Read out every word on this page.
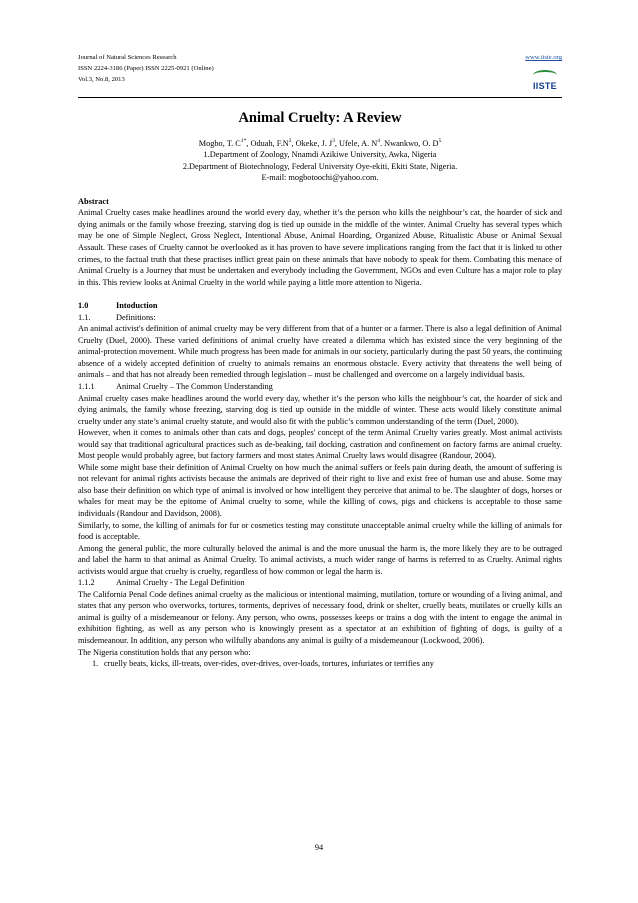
Journal of Natural Sciences Research
ISSN 2224-3186 (Paper) ISSN 2225-0921 (Online)
Vol.3, No.8, 2013
www.iiste.org
IISTE
Animal Cruelty: A Review
Mogbo, T. $C^{1*}$, Oduah, $F.N^2$, Okeke, J. $J^3$, Ufele, A. $N^4$. Nwankwo, O. $D^5$
1.Department of Zoology, Nnamdi Azikiwe University, Awka, Nigeria
2.Department of Biotechnology, Federal University Oye-ekiti, Ekiti State, Nigeria.
E-mail: mogbotoochi@yahoo.com.

Abstract

Animal Cruelty cases make headlines around the world every day, whether it’s the person who kills the neighbour’s cat, the hoarder of sick and dying animals or the family whose freezing, starving dog is tied up outside in the middle of the winter. Animal Cruelty has several types which may be one of Simple Neglect, Gross Neglect, Intentional Abuse, Animal Hoarding, Organized Abuse, Ritualistic Abuse or Animal Sexual Assault. These cases of Cruelty cannot be overlooked as it has proven to have severe implications ranging from the fact that it is linked to other crimes, to the factual truth that these practises inflict great pain on these animals that have nobody to speak for them. Combating this menace of Animal Cruelty is a Journey that must be undertaken and everybody including the Government, NGOs and even Culture has a major role to play in this. This review looks at Animal Cruelty in the world while paying a little more attention to Nigeria.

1.0	Intoduction

1.1.	Definitions:

An animal activist's definition of animal cruelty may be very different from that of a hunter or a farmer. There is also a legal definition of Animal Cruelty (Duel, 2000). These varied definitions of animal cruelty have created a dilemma which has existed since the very beginning of the animal-protection movement. While much progress has been made for animals in our society, particularly during the past 50 years, the continuing absence of a widely accepted definition of cruelty to animals remains an enormous obstacle. Every activity that threatens the well being of animals – and that has not already been remedied through legislation – must be challenged and overcome on a largely individual basis.

1.1.1	Animal Cruelty – The Common Understanding

Animal cruelty cases make headlines around the world every day, whether it’s the person who kills the neighbour’s cat, the hoarder of sick and dying animals, the family whose freezing, starving dog is tied up outside in the middle of winter. These acts would likely constitute animal cruelty under any state’s animal cruelty statute, and would also fit with the public’s common understanding of the term (Duel, 2000).

However, when it comes to animals other than cats and dogs, peoples' concept of the term Animal Cruelty varies greatly. Most animal activists would say that traditional agricultural practices such as de-beaking, tail docking, castration and confinement on factory farms are animal cruelty. Most people would probably agree, but factory farmers and most states Animal Cruelty laws would disagree (Randour, 2004).

While some might base their definition of Animal Cruelty on how much the animal suffers or feels pain during death, the amount of suffering is not relevant for animal rights activists because the animals are deprived of their right to live and exist free of human use and abuse. Some may also base their definition on which type of animal is involved or how intelligent they perceive that animal to be. The slaughter of dogs, horses or whales for meat may be the epitome of Animal cruelty to some, while the killing of cows, pigs and chickens is acceptable to those same individuals (Randour and Davidson, 2008).

Similarly, to some, the killing of animals for fur or cosmetics testing may constitute unacceptable animal cruelty while the killing of animals for food is acceptable.

Among the general public, the more culturally beloved the animal is and the more unusual the harm is, the more likely they are to be outraged and label the harm to that animal as Animal Cruelty. To animal activists, a much wider range of harms is referred to as Cruelty. Animal rights activists would argue that cruelty is cruelty, regardless of how common or legal the harm is.

1.1.2	Animal Cruelty - The Legal Definition

The California Penal Code defines animal cruelty as the malicious or intentional maiming, mutilation, torture or wounding of a living animal, and states that any person who overworks, tortures, torments, deprives of necessary food, drink or shelter, cruelly beats, mutilates or cruelly kills an animal is guilty of a misdemeanour or felony. Any person, who owns, possesses keeps or trains a dog with the intent to engage the animal in exhibition fighting, as well as any person who is knowingly present as a spectator at an exhibition of fighting of dogs, is guilty of a misdemeanour. In addition, any person who wilfully abandons any animal is guilty of a misdemeanour (Lockwood, 2006).

The Nigeria constitution holds that any person who:

1. cruelly beats, kicks, ill-treats, over-rides, over-drives, over-loads, tortures, infuriates or terrifies any

94
